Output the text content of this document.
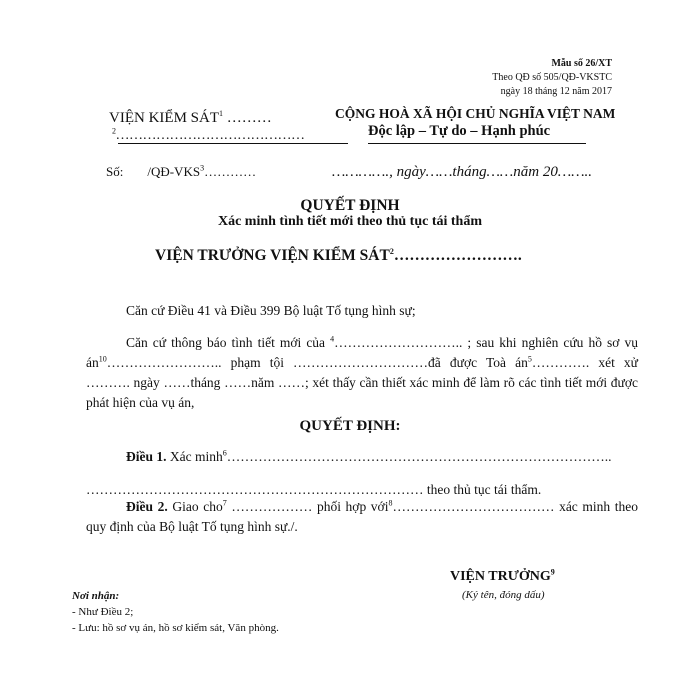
Mẫu số 26/XT
Theo QĐ số 505/QĐ-VKSTC
ngày 18 tháng 12 năm 2017
VIỆN KIỂM SÁT$^1$ ………
$^2$……………………………………
CỘNG HOÀ XÃ HỘI CHỦ NGHĨA VIỆT NAM
Độc lập – Tự do – Hạnh phúc
Số: /QĐ-VKS$^3$…………	…………., ngày……tháng……năm 20……..
QUYẾT ĐỊNH
Xác minh tình tiết mới theo thủ tục tái thẩm
VIỆN TRƯỞNG VIỆN KIỂM SÁT$^2$…………………….
Căn cứ Điều 41 và Điều 399 Bộ luật Tố tụng hình sự;
Căn cứ thông báo tình tiết mới của $^4$……………………….. ; sau khi nghiên cứu hồ sơ vụ $án^{10}\dots\dots\dots\dots\dots\dots\dots\dots$.. phạm tội …………………………đã được Toà $án^5\dots\dots\dots\dots$. xét xử ………. ngày ……tháng ……năm ……; xét thấy cần thiết xác minh để làm rõ các tình tiết mới được phát hiện của vụ án,
QUYẾT ĐỊNH:
Điều 1. Xác minh$^6$…………………………………………………………………………..
………………………………………………………………… theo thủ tục tái thẩm.
Điều 2. Giao cho$^7$ ……………… phối hợp với$^8$……………………………… xác minh theo quy định của Bộ luật Tố tụng hình sự./.
VIỆN TRƯỞNG$^9$
(Ký tên, đóng dấu)
Nơi nhận:
- Như Điều 2;
- Lưu: hồ sơ vụ án, hồ sơ kiểm sát, Văn phòng.
